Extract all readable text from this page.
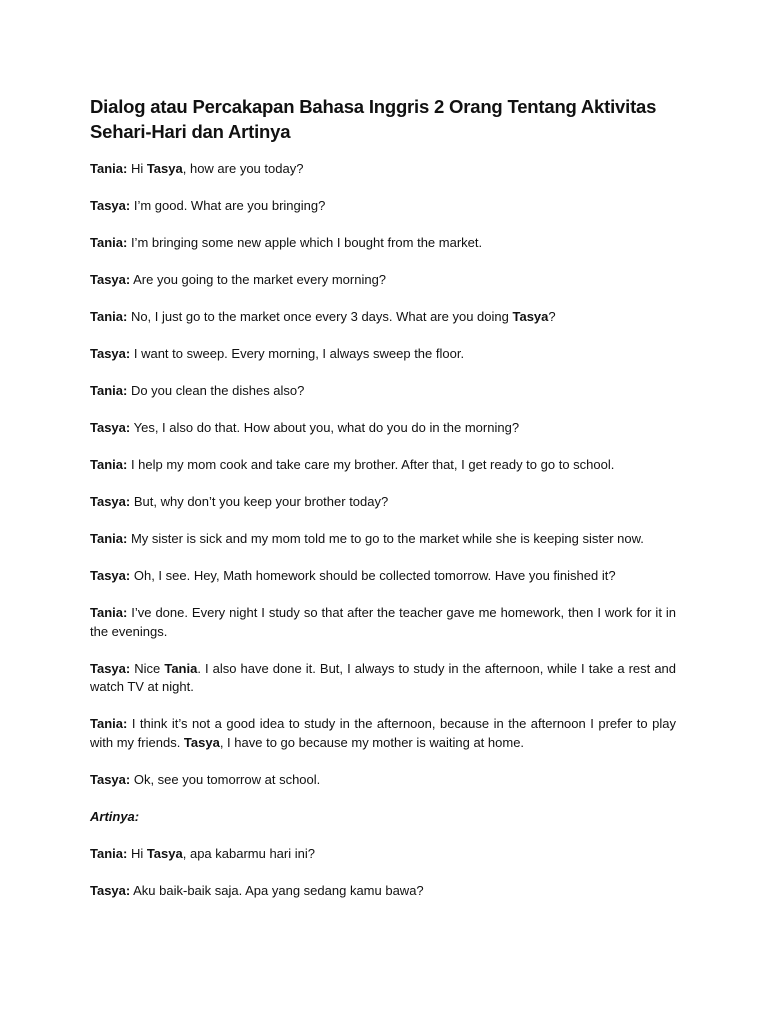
Dialog atau Percakapan Bahasa Inggris 2 Orang Tentang Aktivitas Sehari-Hari dan Artinya

Tania: Hi Tasya, how are you today?

Tasya: I’m good. What are you bringing?

Tania: I’m bringing some new apple which I bought from the market.

Tasya: Are you going to the market every morning?

Tania: No, I just go to the market once every 3 days. What are you doing Tasya?

Tasya: I want to sweep. Every morning, I always sweep the floor.

Tania: Do you clean the dishes also?

Tasya: Yes, I also do that. How about you, what do you do in the morning?

Tania: I help my mom cook and take care my brother. After that, I get ready to go to school.

Tasya: But, why don’t you keep your brother today?

Tania: My sister is sick and my mom told me to go to the market while she is keeping sister now.

Tasya: Oh, I see. Hey, Math homework should be collected tomorrow. Have you finished it?

Tania: I’ve done. Every night I study so that after the teacher gave me homework, then I work for it in the evenings.

Tasya: Nice Tania. I also have done it. But, I always to study in the afternoon, while I take a rest and watch TV at night.

Tania: I think it’s not a good idea to study in the afternoon, because in the afternoon I prefer to play with my friends. Tasya, I have to go because my mother is waiting at home.

Tasya: Ok, see you tomorrow at school.

Artinya:

Tania: Hi Tasya, apa kabarmu hari ini?

Tasya: Aku baik-baik saja. Apa yang sedang kamu bawa?
